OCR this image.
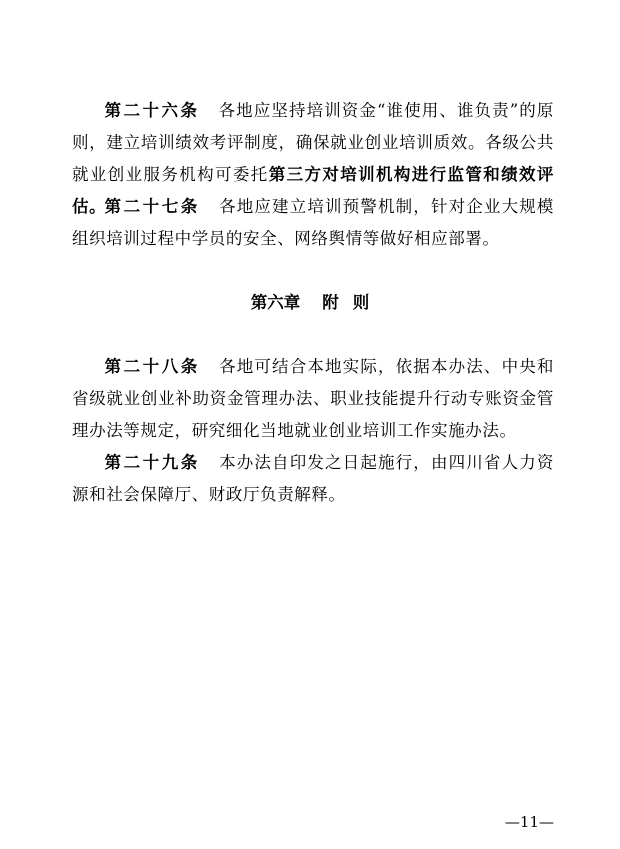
第二十六条 各地应坚持培训资金“谁使用、谁负责”的原则，建立培训绩效考评制度，确保就业创业培训质效。各级公共就业创业服务机构可委托第三方对培训机构进行监管和绩效评估。

第二十七条 各地应建立培训预警机制，针对企业大规模组织培训过程中学员的安全、网络舆情等做好相应部署。

第六章 附 则

第二十八条 各地可结合本地实际，依据本办法、中央和省级就业创业补助资金管理办法、职业技能提升行动专账资金管理办法等规定，研究细化当地就业创业培训工作实施办法。

第二十九条 本办法自印发之日起施行，由四川省人力资源和社会保障厅、财政厅负责解释。

—11—
